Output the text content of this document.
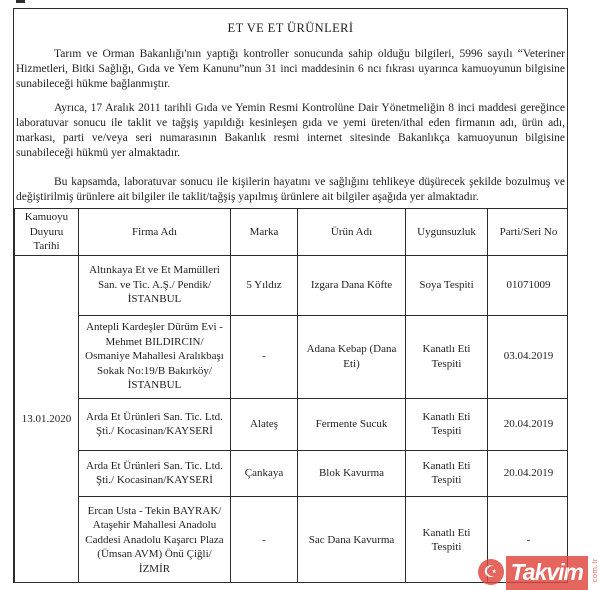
ET VE ET ÜRÜNLERİ

Tarım ve Orman Bakanlığı'nın yaptığı kontroller sonucunda sahip olduğu bilgileri, 5996 sayılı “Veteriner Hizmetleri, Bitki Sağlığı, Gıda ve Yem Kanunu”nun 31 inci maddesinin 6 ncı fıkrası uyarınca kamuoyunun bilgisine sunabileceği hükme bağlanmıştır.

Ayrıca, 17 Aralık 2011 tarihli Gıda ve Yemin Resmi Kontrolüne Dair Yönetmeliğin 8 inci maddesi gereğince laboratuvar sonucu ile taklit ve tağşiş yapıldığı kesinleşen gıda ve yemi üreten/ithal eden firmanın adı, ürün adı, markası, parti ve/veya seri numarasının Bakanlık resmi internet sitesinde Bakanlıkça kamuoyunun bilgisine sunabileceği hükmü yer almaktadır.

Bu kapsamda, laboratuvar sonucu ile kişilerin hayatını ve sağlığını tehlikeye düşürecek şekilde bozulmuş ve değiştirilmiş ürünlere ait bilgiler ile taklit/tağşiş yapılmış ürünlere ait bilgiler aşağıda yer almaktadır.

Kamuoyu Duyuru Tarihi	Firma Adı	Marka	Ürün Adı	Uygunsuzluk	Parti/Seri No
13.01.2020	Altınkaya Et ve Et Mamülleri San. ve Tic. A.Ş./ Pendik/İSTANBUL	5 Yıldız	Izgara Dana Köfte	Soya Tespiti	01071009
	Antepli Kardeşler Dürüm Evi - Mehmet BILDIRCIN/ Osmaniye Mahallesi Aralıkbaşı Sokak No:19/B Bakırköy/İSTANBUL	-	Adana Kebap (Dana Eti)	Kanatlı Eti Tespiti	03.04.2019
	Arda Et Ürünleri San. Tic. Ltd. Şti./ Kocasinan/KAYSERİ	Alateş	Fermente Sucuk	Kanatlı Eti Tespiti	20.04.2019
	Arda Et Ürünleri San. Tic. Ltd. Şti./ Kocasinan/KAYSERİ	Çankaya	Blok Kavurma	Kanatlı Eti Tespiti	20.04.2019
	Ercan Usta - Tekin BAYRAK/ Ataşehir Mahallesi Anadolu Caddesi Anadolu Kaşarcı Plaza (Ümsan AVM) Önü Çiğli/İZMİR	-	Sac Dana Kavurma	Kanatlı Eti Tespiti	-
☪ Takvim com.tr
